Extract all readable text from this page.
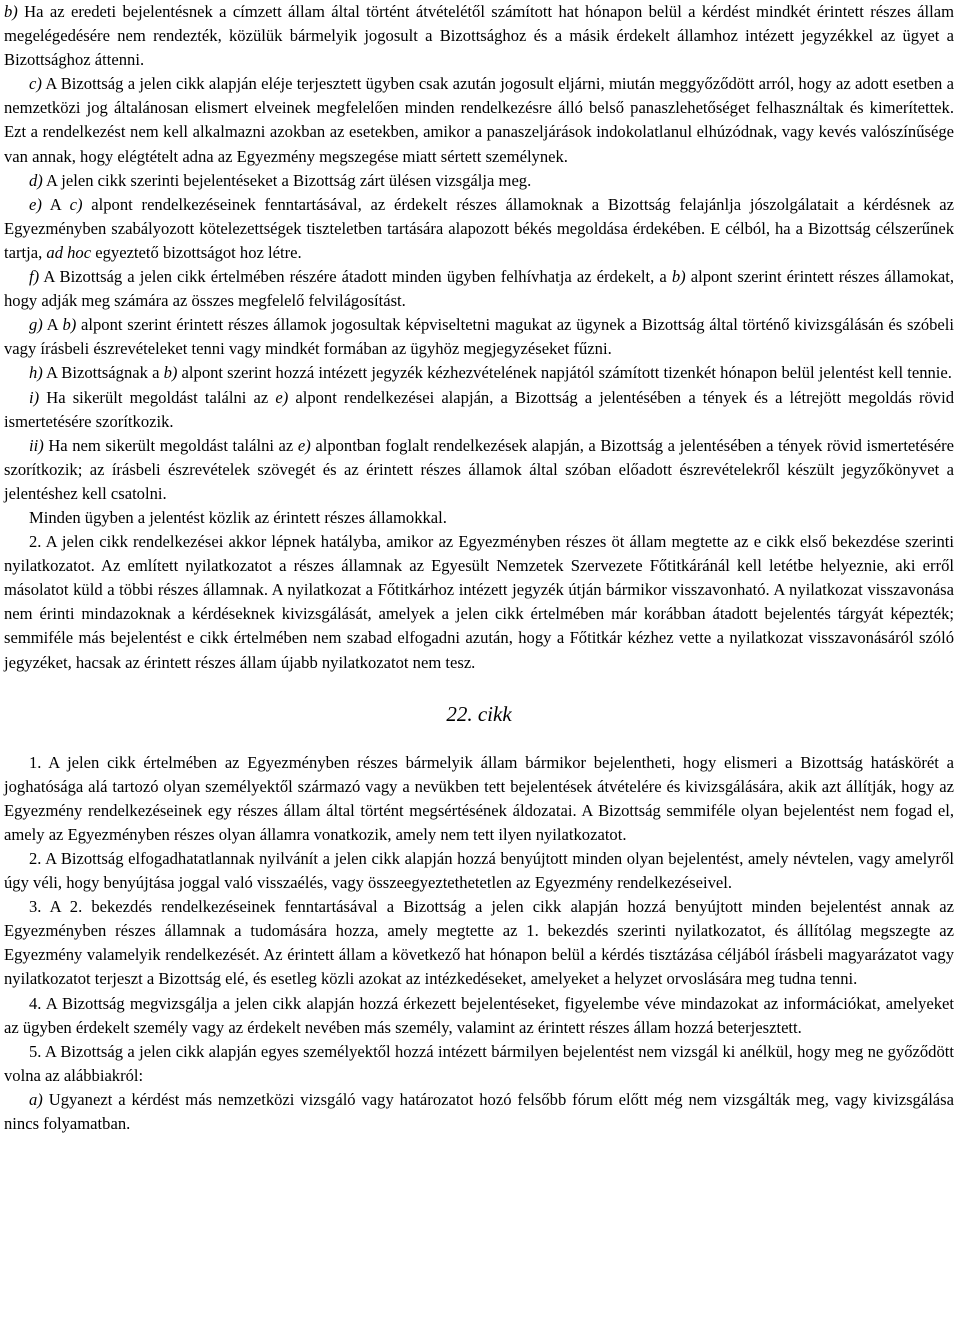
b) Ha az eredeti bejelentésnek a címzett állam által történt átvételétől számított hat hónapon belül a kérdést mindkét érintett részes állam megelégedésére nem rendezték, közülük bármelyik jogosult a Bizottsághoz és a másik érdekelt államhoz intézett jegyzékkel az ügyet a Bizottsághoz áttenni.

c) A Bizottság a jelen cikk alapján eléje terjesztett ügyben csak azután jogosult eljárni, miután meggyőződött arról, hogy az adott esetben a nemzetközi jog általánosan elismert elveinek megfelelően minden rendelkezésre álló belső panaszlehetőséget felhasználtak és kimerítettek. Ezt a rendelkezést nem kell alkalmazni azokban az esetekben, amikor a panaszeljárások indokolatlanul elhúzódnak, vagy kevés valószínűsége van annak, hogy elégtételt adna az Egyezmény megszegése miatt sértett személynek.

d) A jelen cikk szerinti bejelentéseket a Bizottság zárt ülésen vizsgálja meg.

e) A c) alpont rendelkezéseinek fenntartásával, az érdekelt részes államoknak a Bizottság felajánlja jószolgálatait a kérdésnek az Egyezményben szabályozott kötelezettségek tiszteletben tartására alapozott békés megoldása érdekében. E célból, ha a Bizottság célszerűnek tartja, ad hoc egyeztető bizottságot hoz létre.

f) A Bizottság a jelen cikk értelmében részére átadott minden ügyben felhívhatja az érdekelt, a b) alpont szerint érintett részes államokat, hogy adják meg számára az összes megfelelő felvilágosítást.

g) A b) alpont szerint érintett részes államok jogosultak képviseltetni magukat az ügynek a Bizottság által történő kivizsgálásán és szóbeli vagy írásbeli észrevételeket tenni vagy mindkét formában az ügyhöz megjegyzéseket fűzni.

h) A Bizottságnak a b) alpont szerint hozzá intézett jegyzék kézhezvételének napjától számított tizenkét hónapon belül jelentést kell tennie.

i) Ha sikerült megoldást találni az e) alpont rendelkezései alapján, a Bizottság a jelentésében a tények és a létrejött megoldás rövid ismertetésére szorítkozik.

ii) Ha nem sikerült megoldást találni az e) alpontban foglalt rendelkezések alapján, a Bizottság a jelentésében a tények rövid ismertetésére szorítkozik; az írásbeli észrevételek szövegét és az érintett részes államok által szóban előadott észrevételekről készült jegyzőkönyvet a jelentéshez kell csatolni.

Minden ügyben a jelentést közlik az érintett részes államokkal.

2. A jelen cikk rendelkezései akkor lépnek hatályba, amikor az Egyezményben részes öt állam megtette az e cikk első bekezdése szerinti nyilatkozatot. Az említett nyilatkozatot a részes államnak az Egyesült Nemzetek Szervezete Főtitkáránál kell letétbe helyeznie, aki erről másolatot küld a többi részes államnak. A nyilatkozat a Főtitkárhoz intézett jegyzék útján bármikor visszavonható. A nyilatkozat visszavonása nem érinti mindazoknak a kérdéseknek kivizsgálását, amelyek a jelen cikk értelmében már korábban átadott bejelentés tárgyát képezték; semmiféle más bejelentést e cikk értelmében nem szabad elfogadni azután, hogy a Főtitkár kézhez vette a nyilatkozat visszavonásáról szóló jegyzéket, hacsak az érintett részes állam újabb nyilatkozatot nem tesz.

22. cikk

1. A jelen cikk értelmében az Egyezményben részes bármelyik állam bármikor bejelentheti, hogy elismeri a Bizottság hatáskörét a joghatósága alá tartozó olyan személyektől származó vagy a nevükben tett bejelentések átvételére és kivizsgálására, akik azt állítják, hogy az Egyezmény rendelkezéseinek egy részes állam által történt megsértésének áldozatai. A Bizottság semmiféle olyan bejelentést nem fogad el, amely az Egyezményben részes olyan államra vonatkozik, amely nem tett ilyen nyilatkozatot.

2. A Bizottság elfogadhatatlannak nyilvánít a jelen cikk alapján hozzá benyújtott minden olyan bejelentést, amely névtelen, vagy amelyről úgy véli, hogy benyújtása joggal való visszaélés, vagy összeegyeztethetetlen az Egyezmény rendelkezéseivel.

3. A 2. bekezdés rendelkezéseinek fenntartásával a Bizottság a jelen cikk alapján hozzá benyújtott minden bejelentést annak az Egyezményben részes államnak a tudomására hozza, amely megtette az 1. bekezdés szerinti nyilatkozatot, és állítólag megszegte az Egyezmény valamelyik rendelkezését. Az érintett állam a következő hat hónapon belül a kérdés tisztázása céljából írásbeli magyarázatot vagy nyilatkozatot terjeszt a Bizottság elé, és esetleg közli azokat az intézkedéseket, amelyeket a helyzet orvoslására meg tudna tenni.

4. A Bizottság megvizsgálja a jelen cikk alapján hozzá érkezett bejelentéseket, figyelembe véve mindazokat az információkat, amelyeket az ügyben érdekelt személy vagy az érdekelt nevében más személy, valamint az érintett részes állam hozzá beterjesztett.

5. A Bizottság a jelen cikk alapján egyes személyektől hozzá intézett bármilyen bejelentést nem vizsgál ki anélkül, hogy meg ne győződött volna az alábbiakról:

a) Ugyanezt a kérdést más nemzetközi vizsgáló vagy határozatot hozó felsőbb fórum előtt még nem vizsgálták meg, vagy kivizsgálása nincs folyamatban.
